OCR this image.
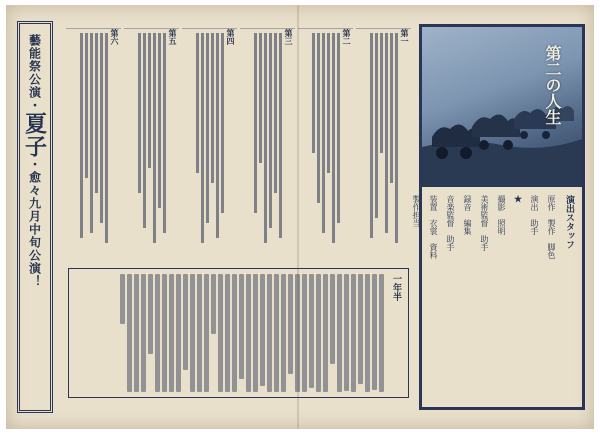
藝能祭公演・夏子・愈々九月中旬公演！
第一
第二
第三
第四
第五
第六
一年半
第二の人生
演出スタッフ
原作　製作　脚色
演出　助手
★
撮影　照明
美術監督　助手
録音　編集
音楽監督　助手
装置　衣裳　資料
製作担当
